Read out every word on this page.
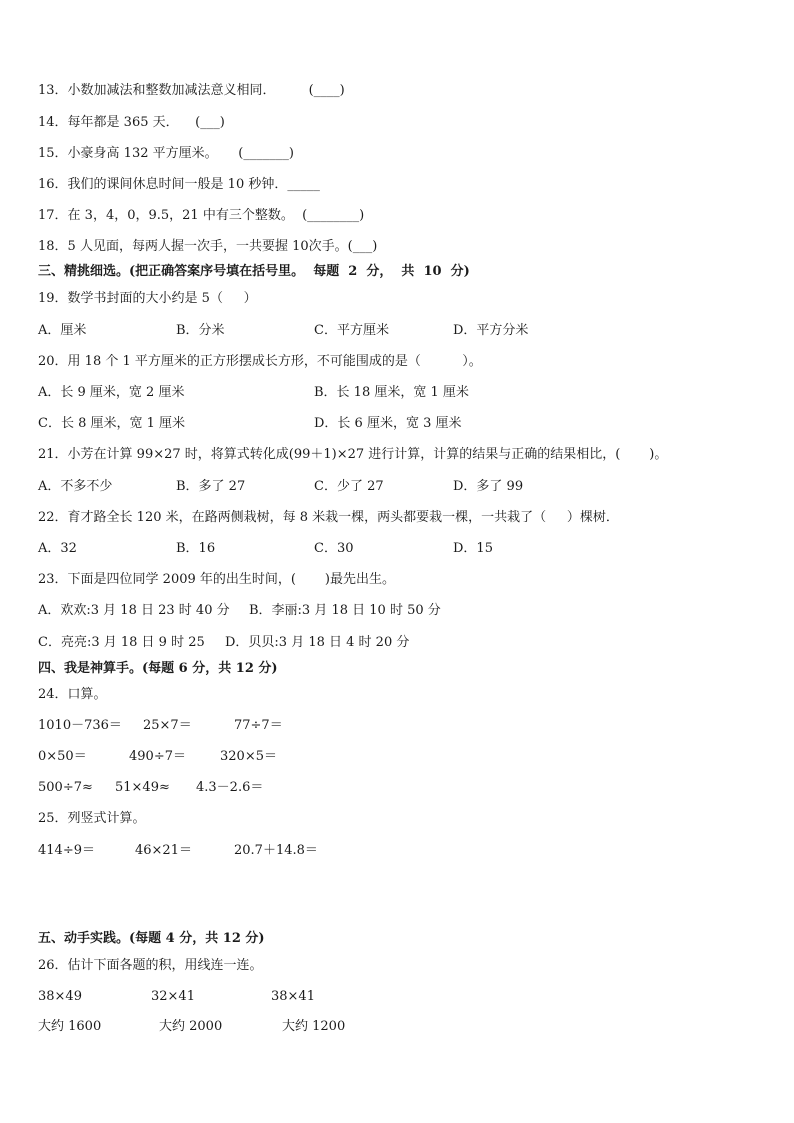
13．小数加减法和整数加减法意义相同．        (____)
14．每年都是 365 天．    (___)
15．小豪身高 132 平方厘米。     (_______)
16．我们的课间休息时间一般是 10 秒钟．_____
17．在 3，4，0，9.5，21 中有三个整数。  (________)
18．5 人见面，每两人握一次手，一共要握 10次手。(___)
三、精挑细选。(把正确答案序号填在括号里。  每题  2  分，  共  10  分)
19．数学书封面的大小约是 5（     ）
A．厘米	B．分米	C．平方厘米	D．平方分米
20．用 18 个 1 平方厘米的正方形摆成长方形，不可能围成的是（          ）。
A．长 9 厘米，宽 2 厘米	B．长 18 厘米，宽 1 厘米
C．长 8 厘米，宽 1 厘米	D．长 6 厘米，宽 3 厘米
21．小芳在计算 99×27 时，将算式转化成(99＋1)×27 进行计算，计算的结果与正确的结果相比，(       )。
A．不多不少	B．多了 27	C．少了 27	D．多了 99
22．育才路全长 120 米，在路两侧栽树，每 8 米栽一棵，两头都要栽一棵，一共栽了（     ）棵树．
A．32	B．16	C．30	D．15
23．下面是四位同学 2009 年的出生时间，(       )最先出生。
A．欢欢:3 月 18 日 23 时 40 分 B．李丽:3 月 18 日 10 时 50 分
C．亮亮:3 月 18 日 9 时 25 D．贝贝:3 月 18 日 4 时 20 分
四、我是神算手。(每题 6 分，共 12 分)
24．口算。
1010－736＝ 25×7＝	77÷7＝
0×50＝	490÷7＝	320×5＝
500÷7≈ 51×49≈ 4.3－2.6＝
25．列竖式计算。
414÷9＝	46×21＝	20.7＋14.8＝
五、动手实践。(每题 4 分，共 12 分)
26．估计下面各题的积，用线连一连。
38×49	32×41	38×41
大约 1600	大约 2000	大约 1200
